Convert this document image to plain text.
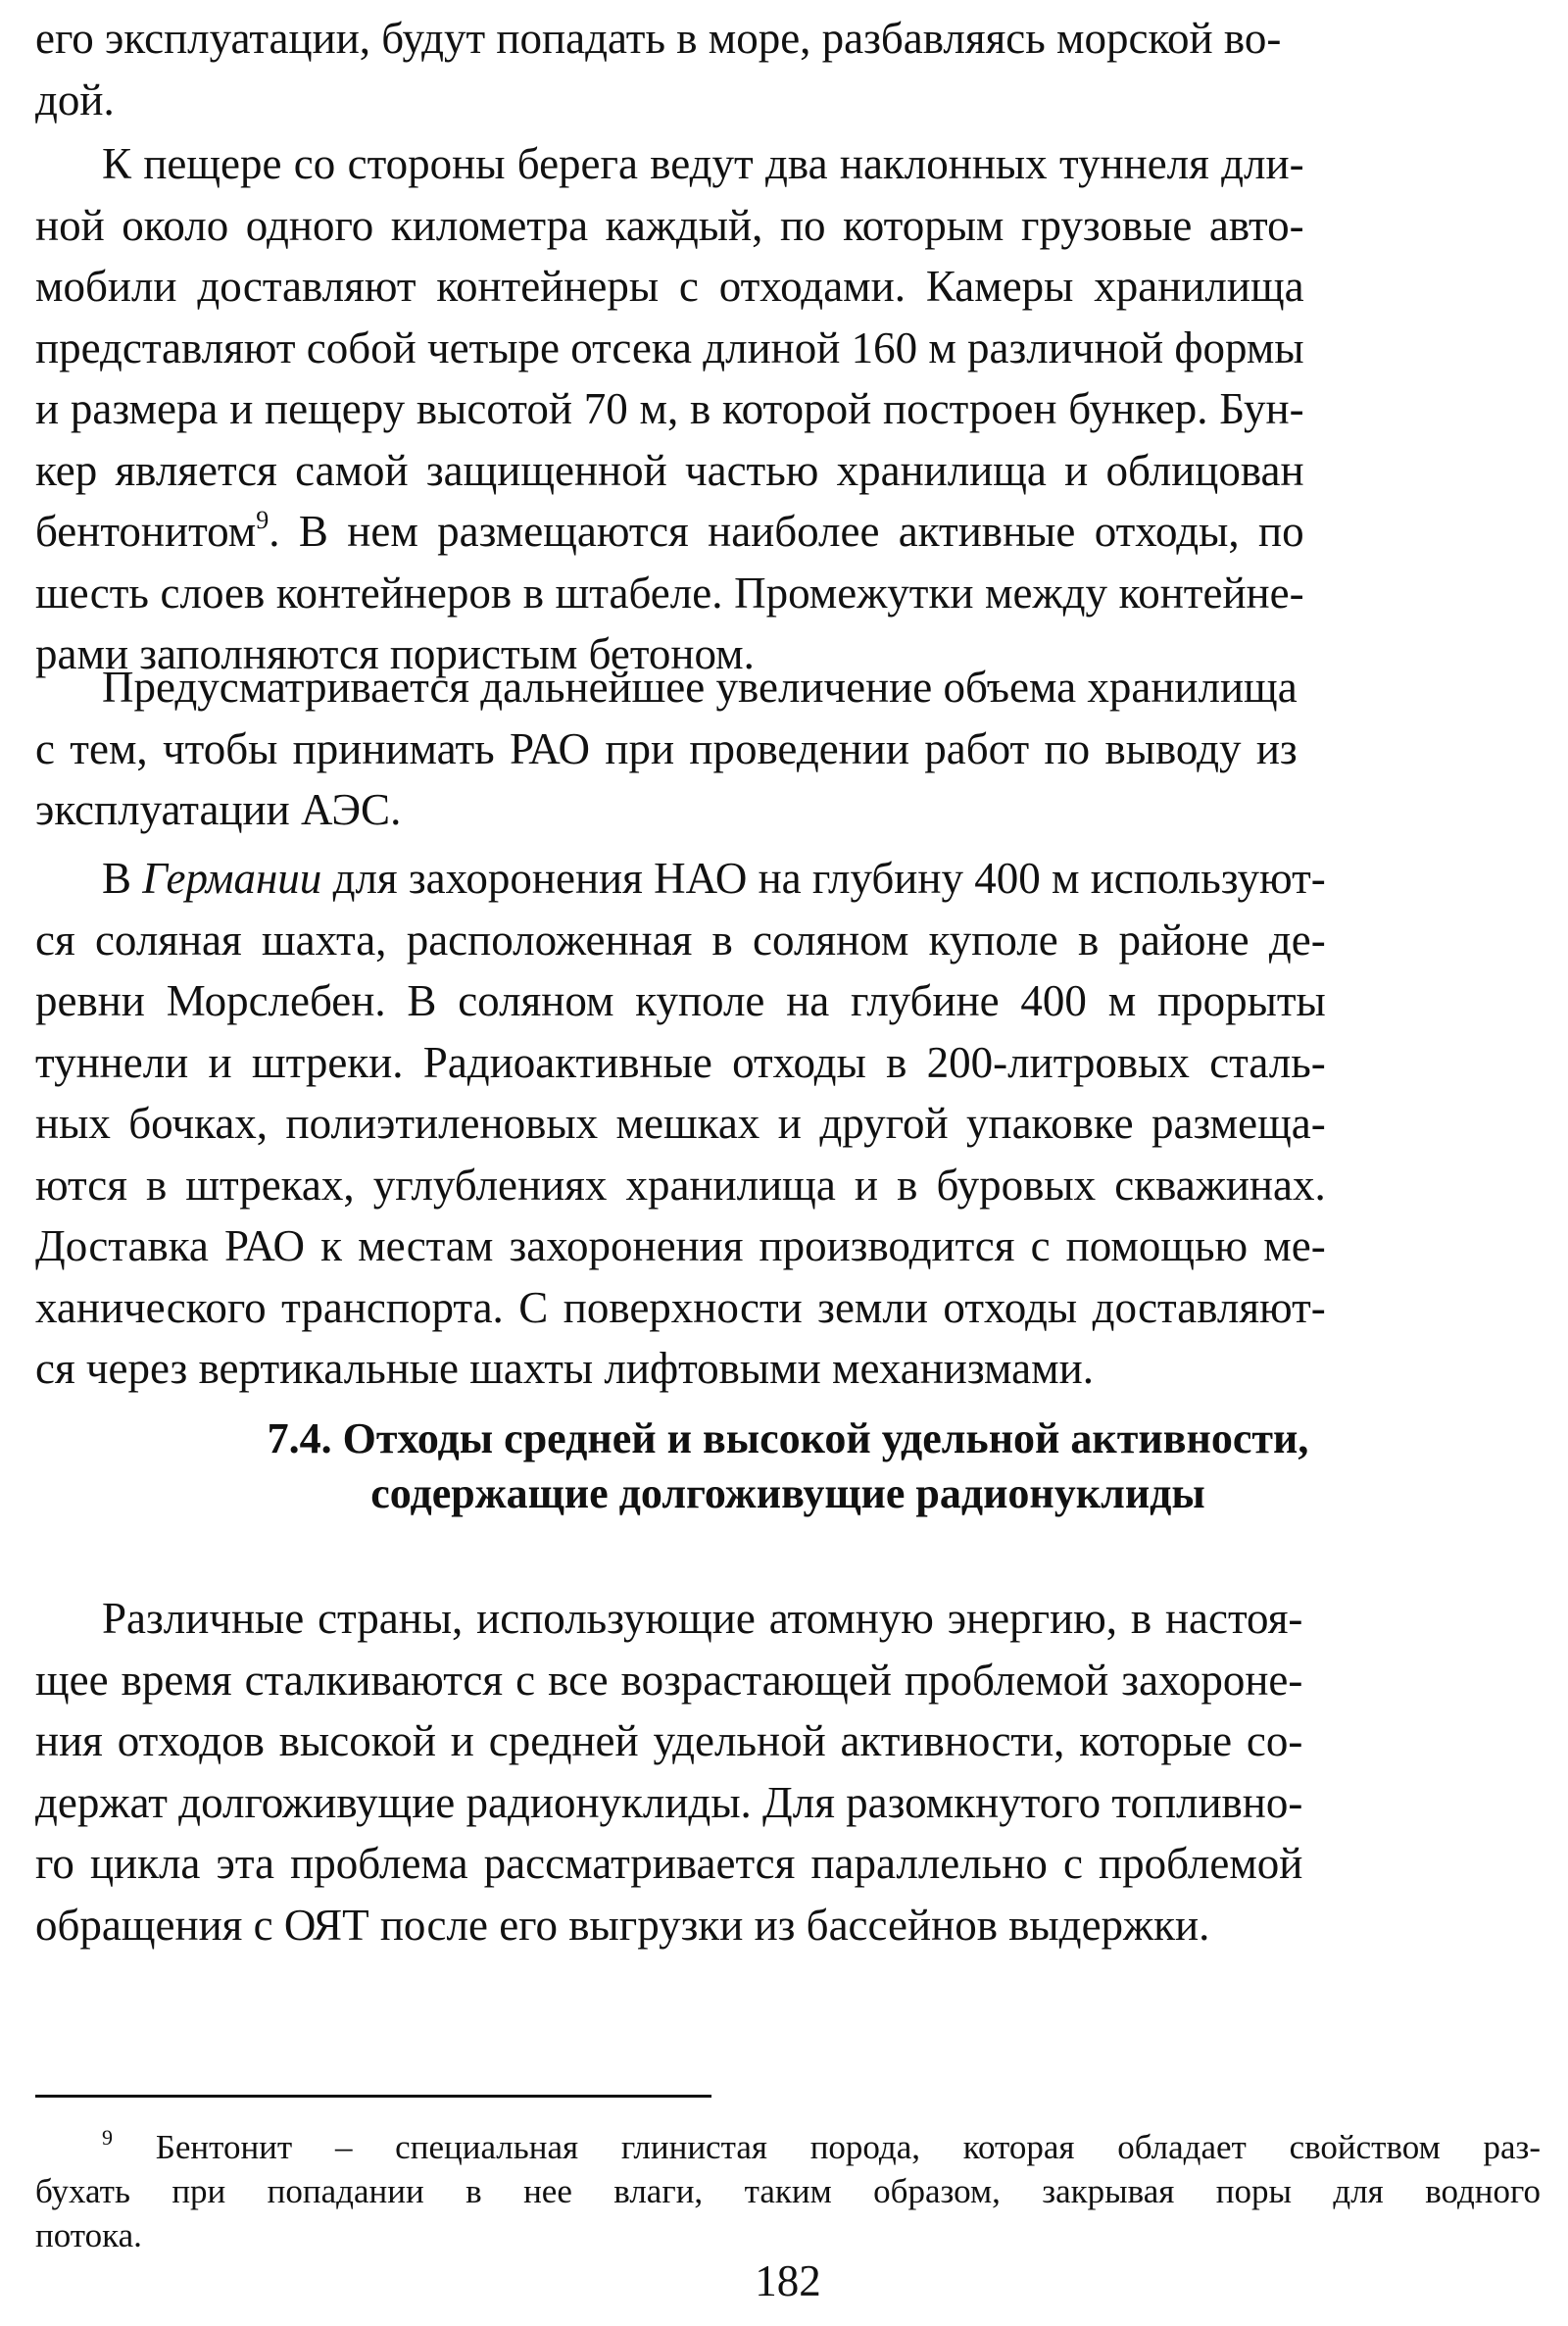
его эксплуатации, будут попадать в море, разбавляясь морской во-
дой.

К пещере со стороны берега ведут два наклонных туннеля дли-
ной около одного километра каждый, по которым грузовые авто-
мобили доставляют контейнеры с отходами. Камеры хранилища
представляют собой четыре отсека длиной 160 м различной формы
и размера и пещеру высотой 70 м, в которой построен бункер. Бун-
кер является самой защищенной частью хранилища и облицован
бентонитом$^9$. В нем размещаются наиболее активные отходы, по
шесть слоев контейнеров в штабеле. Промежутки между контейне-
рами заполняются пористым бетоном.

Предусматривается дальнейшее увеличение объема хранилища
с тем, чтобы принимать РАО при проведении работ по выводу из
эксплуатации АЭС.

В Германии для захоронения НАО на глубину 400 м используют-
ся соляная шахта, расположенная в соляном куполе в районе де-
ревни Морслебен. В соляном куполе на глубине 400 м прорыты
туннели и штреки. Радиоактивные отходы в 200-литровых сталь-
ных бочках, полиэтиленовых мешках и другой упаковке размеща-
ются в штреках, углублениях хранилища и в буровых скважинах.
Доставка РАО к местам захоронения производится с помощью ме-
ханического транспорта. С поверхности земли отходы доставляют-
ся через вертикальные шахты лифтовыми механизмами.

7.4. Отходы средней и высокой удельной активности,
содержащие долгоживущие радионуклиды

Различные страны, использующие атомную энергию, в настоя-
щее время сталкиваются с все возрастающей проблемой захороне-
ния отходов высокой и средней удельной активности, которые со-
держат долгоживущие радионуклиды. Для разомкнутого топливно-
го цикла эта проблема рассматривается параллельно с проблемой
обращения с ОЯТ после его выгрузки из бассейнов выдержки.

$^9$ Бентонит – специальная глинистая порода, которая обладает свойством раз-
бухать при попадании в нее влаги, таким образом, закрывая поры для водного
потока.
182
